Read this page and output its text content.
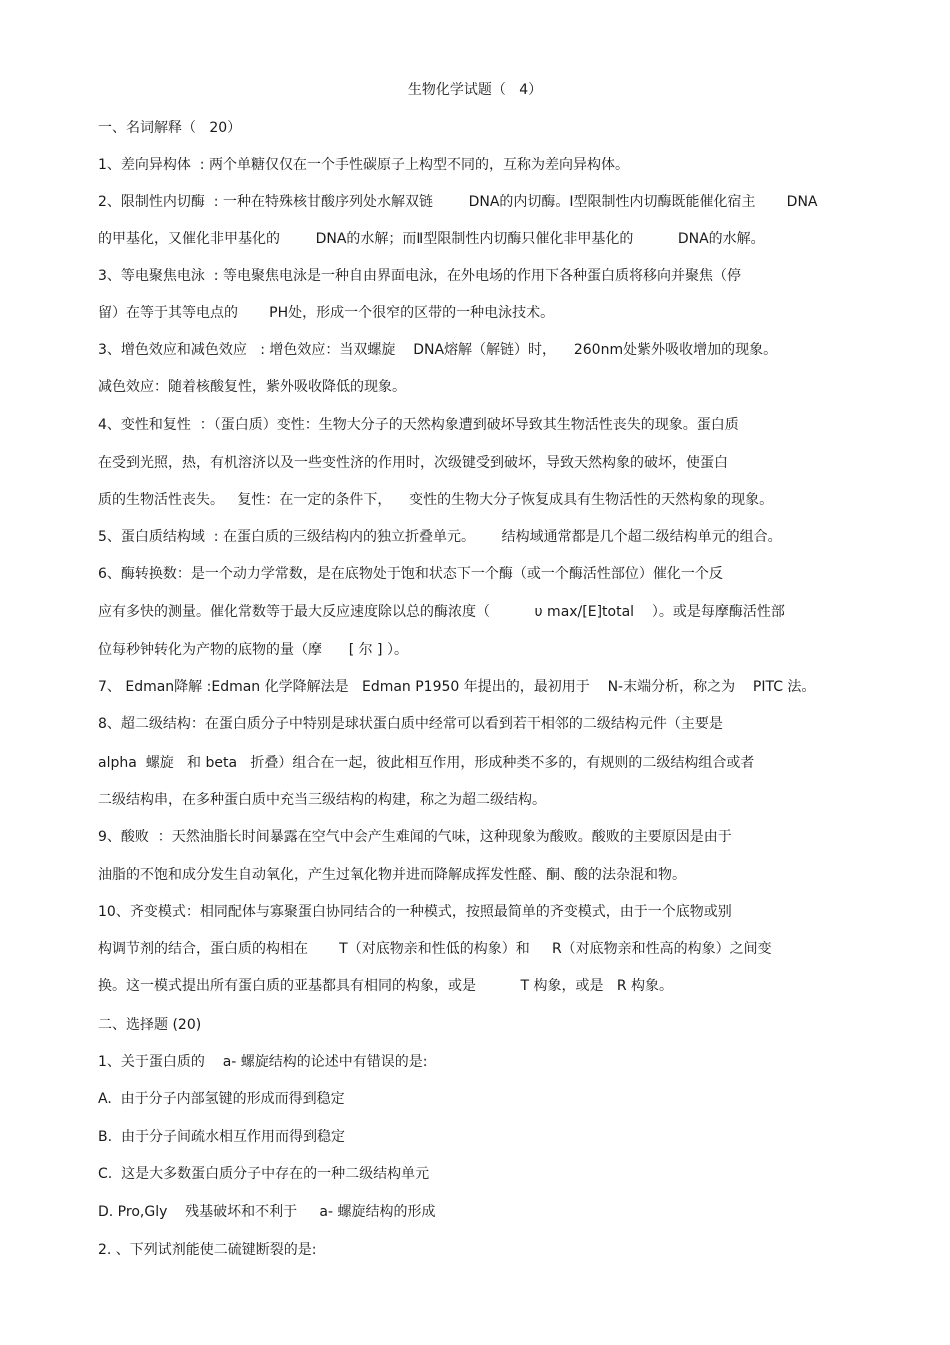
生物化学试题（   4）
一、名词解释（   20）
1、差向异构体  : 两个单糖仅仅在一个手性碳原子上构型不同的，互称为差向异构体。
2、限制性内切酶  : 一种在特殊核甘酸序列处水解双链        DNA的内切酶。Ⅰ型限制性内切酶既能催化宿主       DNA
的甲基化，又催化非甲基化的        DNA的水解；而Ⅱ型限制性内切酶只催化非甲基化的          DNA的水解。
3、等电聚焦电泳  : 等电聚焦电泳是一种自由界面电泳，在外电场的作用下各种蛋白质将移向并聚焦（停
留）在等于其等电点的       PH处，形成一个很窄的区带的一种电泳技术。
3、增色效应和减色效应   : 增色效应：当双螺旋    DNA熔解（解链）时，    260nm处紫外吸收增加的现象。
减色效应：随着核酸复性，紫外吸收降低的现象。
4、变性和复性  ：（蛋白质）变性：生物大分子的天然构象遭到破坏导致其生物活性丧失的现象。蛋白质
在受到光照，热，有机溶济以及一些变性济的作用时，次级键受到破坏，导致天然构象的破坏，使蛋白
质的生物活性丧失。   复性：在一定的条件下，    变性的生物大分子恢复成具有生物活性的天然构象的现象。
5、蛋白质结构域  : 在蛋白质的三级结构内的独立折叠单元。      结构域通常都是几个超二级结构单元的组合。
6、酶转换数：是一个动力学常数，是在底物处于饱和状态下一个酶（或一个酶活性部位）催化一个反
应有多快的测量。催化常数等于最大反应速度除以总的酶浓度（          υ max/[E]total    ）。或是每摩酶活性部
位每秒钟转化为产物的底物的量（摩      [ 尔 ] ）。
7、 Edman降解 :Edman 化学降解法是   Edman P1950 年提出的，最初用于    N-末端分析，称之为    PITC 法。
8、超二级结构：在蛋白质分子中特别是球状蛋白质中经常可以看到若干相邻的二级结构元件（主要是
alpha  螺旋   和 beta   折叠）组合在一起，彼此相互作用，形成种类不多的，有规则的二级结构组合或者
二级结构串，在多种蛋白质中充当三级结构的构建，称之为超二级结构。
9、酸败  ：天然油脂长时间暴露在空气中会产生难闻的气味，这种现象为酸败。酸败的主要原因是由于
油脂的不饱和成分发生自动氧化，产生过氧化物并进而降解成挥发性醛、酮、酸的法杂混和物。
10、齐变模式：相同配体与寡聚蛋白协同结合的一种模式，按照最简单的齐变模式，由于一个底物或别
构调节剂的结合，蛋白质的构相在       T（对底物亲和性低的构象）和     R（对底物亲和性高的构象）之间变
换。这一模式提出所有蛋白质的亚基都具有相同的构象，或是          T 构象，或是   R 构象。
二、选择题 (20)
1、关于蛋白质的    a- 螺旋结构的论述中有错误的是:
A.  由于分子内部氢键的形成而得到稳定
B.  由于分子间疏水相互作用而得到稳定
C.  这是大多数蛋白质分子中存在的一种二级结构单元
D. Pro,Gly    残基破坏和不利于     a- 螺旋结构的形成
2. 、下列试剂能使二硫键断裂的是:
